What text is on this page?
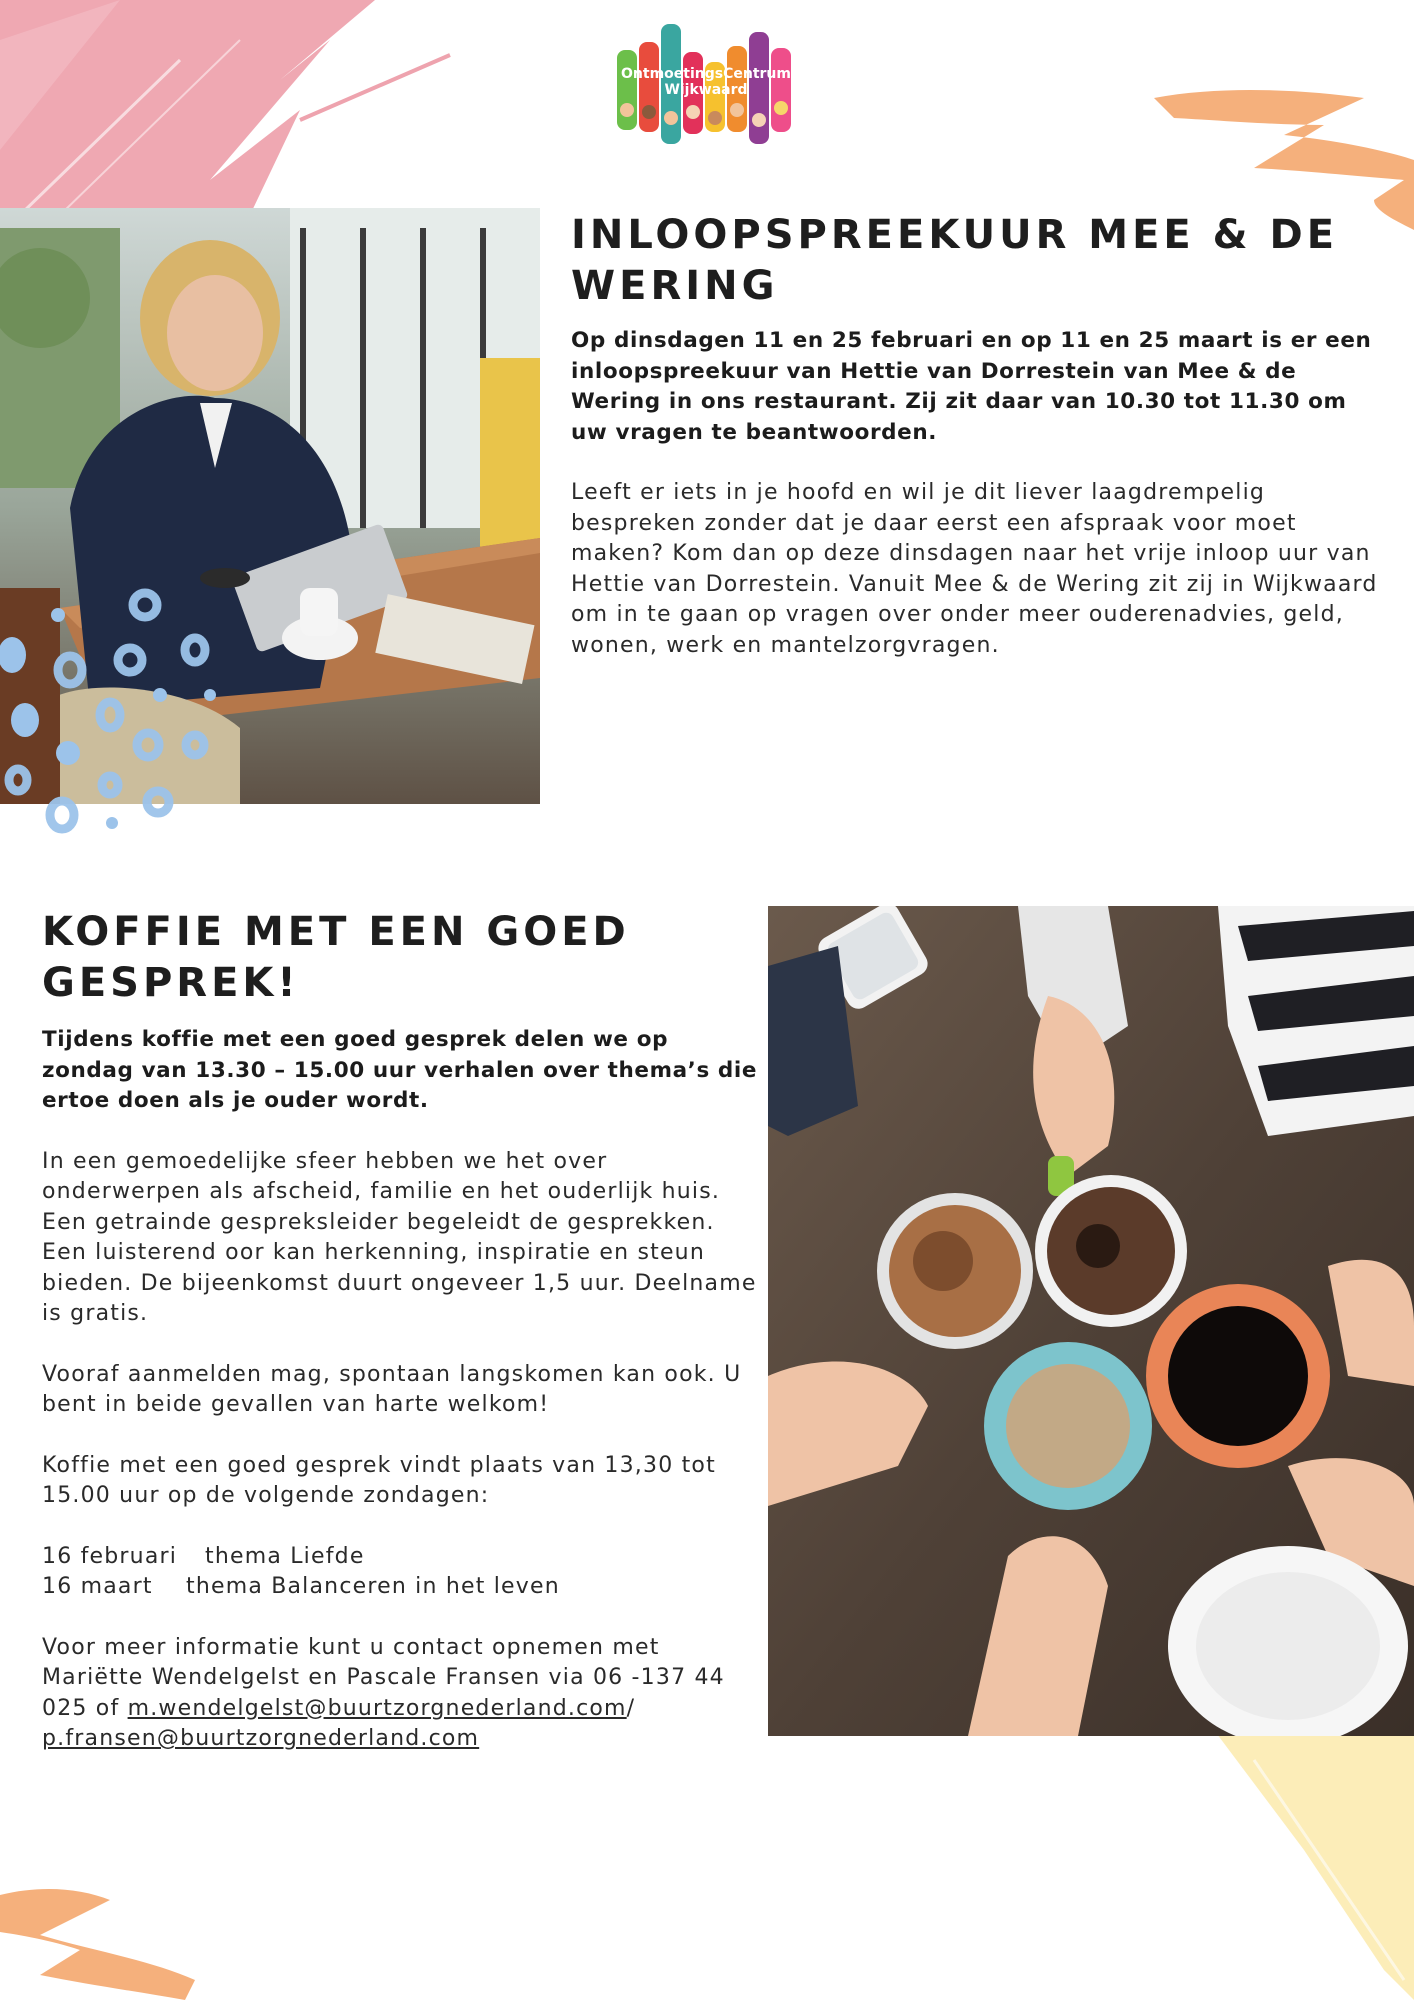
OntmoetingsCentrum
Wijkwaard
INLOOPSPREEKUUR MEE & DE WERING

Op dinsdagen 11 en 25 februari en op 11 en 25 maart is er een inloopspreekuur van Hettie van Dorrestein van Mee & de Wering in ons restaurant. Zij zit daar van 10.30 tot 11.30 om uw vragen te beantwoorden.

Leeft er iets in je hoofd en wil je dit liever laagdrempelig bespreken zonder dat je daar eerst een afspraak voor moet maken? Kom dan op deze dinsdagen naar het vrije inloop uur van Hettie van Dorrestein. Vanuit Mee & de Wering zit zij in Wijkwaard om in te gaan op vragen over onder meer ouderenadvies, geld, wonen, werk en mantelzorgvragen.

KOFFIE MET EEN GOED GESPREK!

Tijdens koffie met een goed gesprek delen we op zondag van 13.30 – 15.00 uur verhalen over thema’s die ertoe doen als je ouder wordt.

In een gemoedelijke sfeer hebben we het over onderwerpen als afscheid, familie en het ouderlijk huis. Een getrainde gespreksleider begeleidt de gesprekken. Een luisterend oor kan herkenning, inspiratie en steun bieden. De bijeenkomst duurt ongeveer 1,5 uur. Deelname is gratis.

Vooraf aanmelden mag, spontaan langskomen kan ook. U bent in beide gevallen van harte welkom!

Koffie met een goed gesprek vindt plaats van 13,30 tot 15.00 uur op de volgende zondagen:

16 februari thema Liefde
16 maart thema Balanceren in het leven

Voor meer informatie kunt u contact opnemen met Mariëtte Wendelgelst en Pascale Fransen via 06 -137 44 025 of m.wendelgelst@buurtzorgnederland.com/
p.fransen@buurtzorgnederland.com
